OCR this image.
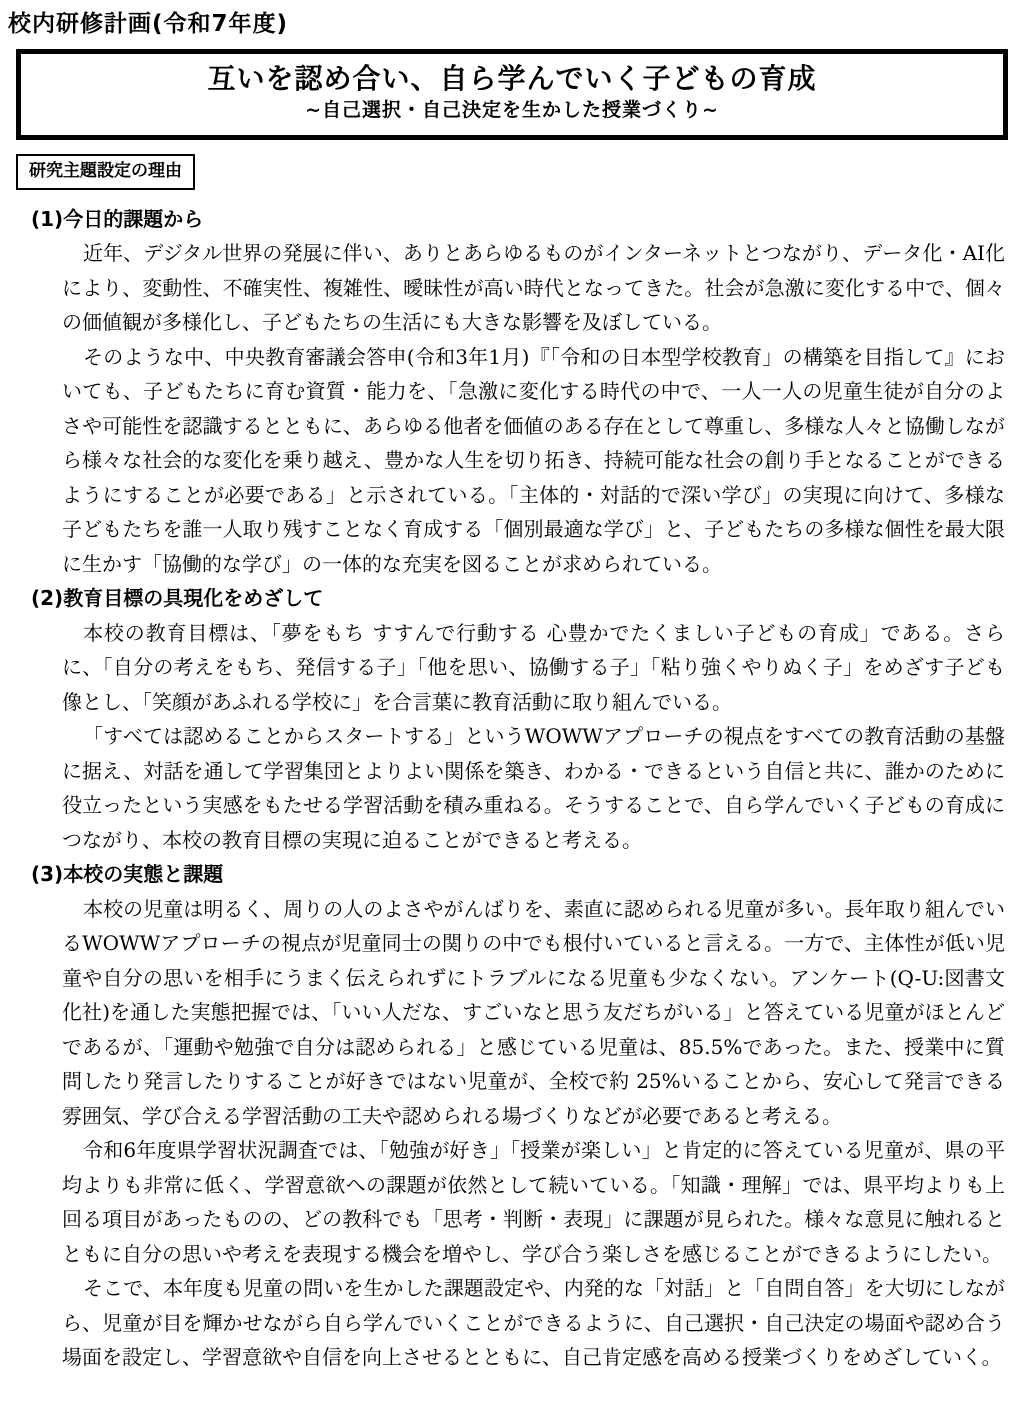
校内研修計画(令和7年度)
互いを認め合い、自ら学んでいく子どもの育成
~自己選択・自己決定を生かした授業づくり~
研究主題設定の理由
(1)今日的課題から

近年、デジタル世界の発展に伴い、ありとあらゆるものがインターネットとつながり、データ化・AI化により、変動性、不確実性、複雑性、曖昧性が高い時代となってきた。社会が急激に変化する中で、個々の価値観が多様化し、子どもたちの生活にも大きな影響を及ぼしている。

そのような中、中央教育審議会答申(令和3年1月)『「令和の日本型学校教育」の構築を目指して』においても、子どもたちに育む資質・能力を、「急激に変化する時代の中で、一人一人の児童生徒が自分のよさや可能性を認識するとともに、あらゆる他者を価値のある存在として尊重し、多様な人々と協働しながら様々な社会的な変化を乗り越え、豊かな人生を切り拓き、持続可能な社会の創り手となることができるようにすることが必要である」と示されている。「主体的・対話的で深い学び」の実現に向けて、多様な子どもたちを誰一人取り残すことなく育成する「個別最適な学び」と、子どもたちの多様な個性を最大限に生かす「協働的な学び」の一体的な充実を図ることが求められている。

(2)教育目標の具現化をめざして

本校の教育目標は、「夢をもち すすんで行動する 心豊かでたくましい子どもの育成」である。さらに、「自分の考えをもち、発信する子」「他を思い、協働する子」「粘り強くやりぬく子」をめざす子ども像とし、「笑顔があふれる学校に」を合言葉に教育活動に取り組んでいる。

「すべては認めることからスタートする」というWOWWアプローチの視点をすべての教育活動の基盤に据え、対話を通して学習集団とよりよい関係を築き、わかる・できるという自信と共に、誰かのために役立ったという実感をもたせる学習活動を積み重ねる。そうすることで、自ら学んでいく子どもの育成につながり、本校の教育目標の実現に迫ることができると考える。

(3)本校の実態と課題

本校の児童は明るく、周りの人のよさやがんばりを、素直に認められる児童が多い。長年取り組んでいるWOWWアプローチの視点が児童同士の関りの中でも根付いていると言える。一方で、主体性が低い児童や自分の思いを相手にうまく伝えられずにトラブルになる児童も少なくない。アンケート(Q-U:図書文化社)を通した実態把握では、「いい人だな、すごいなと思う友だちがいる」と答えている児童がほとんどであるが、「運動や勉強で自分は認められる」と感じている児童は、85.5%であった。また、授業中に質問したり発言したりすることが好きではない児童が、全校で約 25%いることから、安心して発言できる雰囲気、学び合える学習活動の工夫や認められる場づくりなどが必要であると考える。

令和6年度県学習状況調査では、「勉強が好き」「授業が楽しい」と肯定的に答えている児童が、県の平均よりも非常に低く、学習意欲への課題が依然として続いている。「知識・理解」では、県平均よりも上回る項目があったものの、どの教科でも「思考・判断・表現」に課題が見られた。様々な意見に触れるとともに自分の思いや考えを表現する機会を増やし、学び合う楽しさを感じることができるようにしたい。

そこで、本年度も児童の問いを生かした課題設定や、内発的な「対話」と「自問自答」を大切にしながら、児童が目を輝かせながら自ら学んでいくことができるように、自己選択・自己決定の場面や認め合う場面を設定し、学習意欲や自信を向上させるとともに、自己肯定感を高める授業づくりをめざしていく。
